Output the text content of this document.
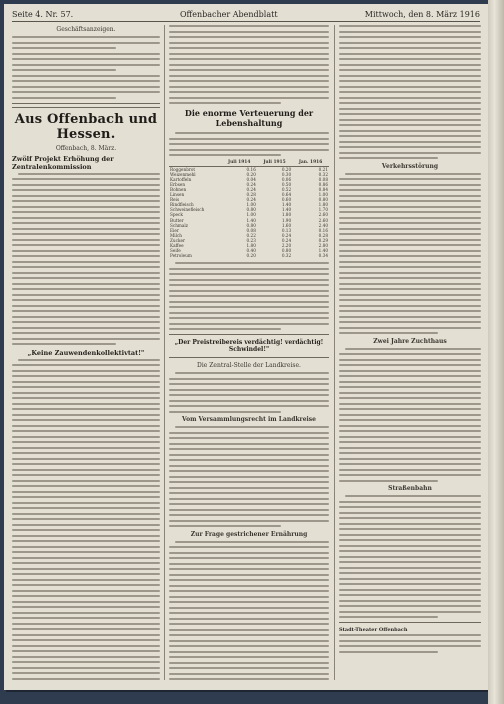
Seite 4. Nr. 57.	Offenbacher Abendblatt	Mittwoch, den 8. März 1916
Geschäftsanzeigen.
Aus Offenbach und Hessen.
Offenbach, 8. März.
Zwölf Projekt Erhöhung der Zentralenkommission
„Keine Zauwendenkollektivtat!"
Die enorme Verteuerung der Lebenshaltung
	Juli 1914	Juli 1915	Jan. 1916
Roggenbrot	0.16	0.20	0.21
Weizenmehl	0.20	0.30	0.32
Kartoffeln	0.04	0.06	0.08
Erbsen	0.24	0.50	0.86
Bohnen	0.24	0.52	0.84
Linsen	0.28	0.64	1.00
Reis	0.24	0.60	0.80
Rindfleisch	1.00	1.40	1.80
Schweinefleisch	0.80	1.40	1.70
Speck	1.00	1.80	2.60
Butter	1.40	1.90	2.60
Schmalz	0.80	1.60	2.40
Eier	0.08	0.13	0.16
Milch	0.22	0.24	0.28
Zucker	0.23	0.24	0.29
Kaffee	1.80	2.20	2.80
Seife	0.40	0.80	1.40
Petroleum	0.20	0.32	0.34
„Der Preistreibereis verdächtig! verdächtig! Schwindel!"
Die Zentral-Stelle der Landkreise.
Vom Versammlungsrecht im Landkreise
Zur Frage gestrichener Ernährung
Verkehrsstörung
Zwei Jahre Zuchthaus
Straßenbahn
Stadt-Theater Offenbach
